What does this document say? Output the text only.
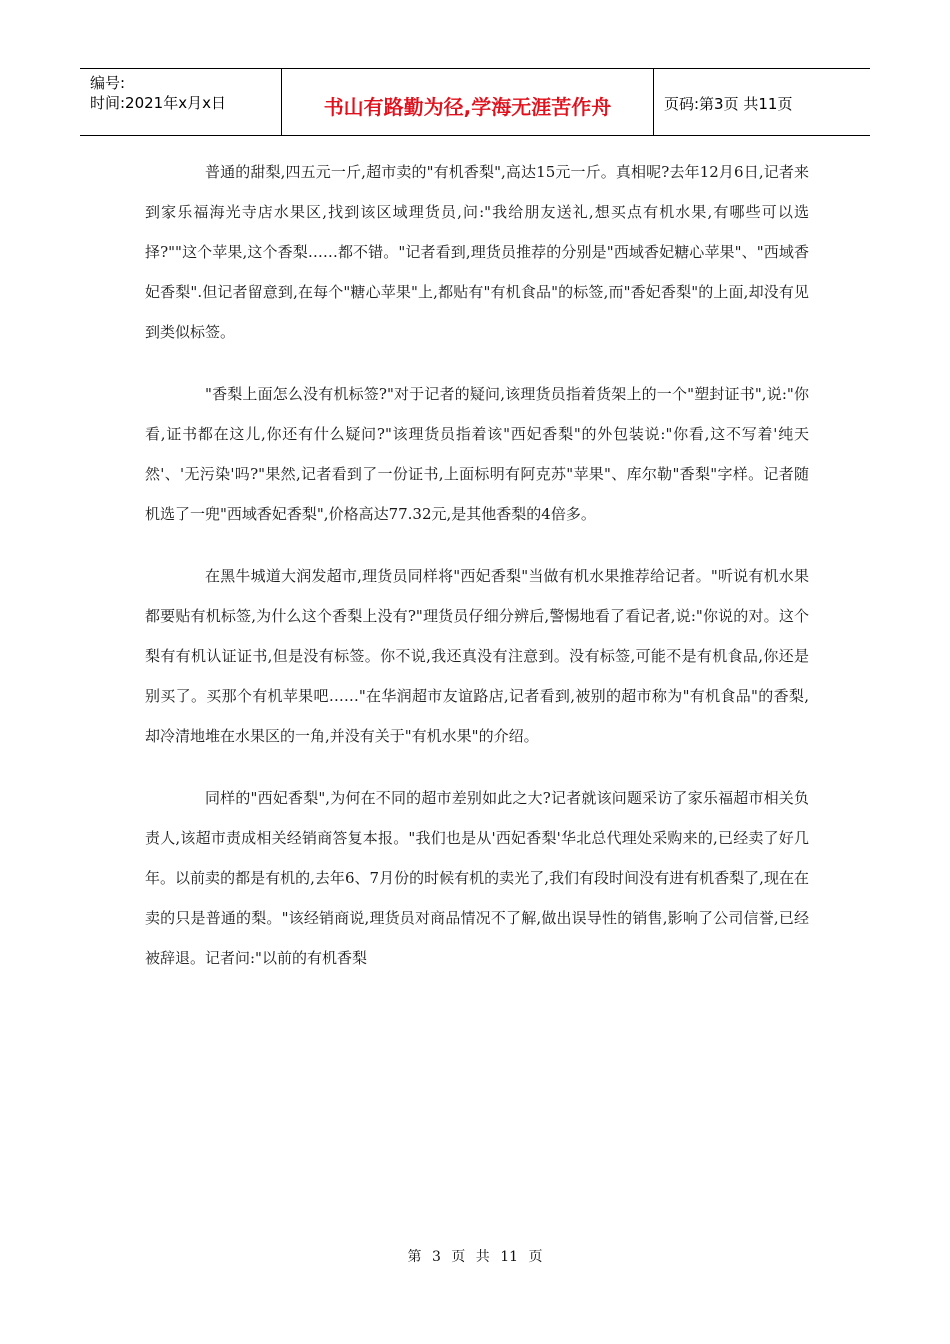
编号:
时间:2021年x月x日	书山有路勤为径,学海无涯苦作舟	页码:第3页 共11页

普通的甜梨,四五元一斤,超市卖的"有机香梨",高达15元一斤。真相呢?去年12月6日,记者来到家乐福海光寺店水果区,找到该区域理货员,问:"我给朋友送礼,想买点有机水果,有哪些可以选择?""这个苹果,这个香梨……都不错。"记者看到,理货员推荐的分别是"西域香妃糖心苹果"、"西域香妃香梨".但记者留意到,在每个"糖心苹果"上,都贴有"有机食品"的标签,而"香妃香梨"的上面,却没有见到类似标签。

"香梨上面怎么没有机标签?"对于记者的疑问,该理货员指着货架上的一个"塑封证书",说:"你看,证书都在这儿,你还有什么疑问?"该理货员指着该"西妃香梨"的外包装说:"你看,这不写着'纯天然'、'无污染'吗?"果然,记者看到了一份证书,上面标明有阿克苏"苹果"、库尔勒"香梨"字样。记者随机选了一兜"西域香妃香梨",价格高达77.32元,是其他香梨的4倍多。

在黑牛城道大润发超市,理货员同样将"西妃香梨"当做有机水果推荐给记者。"听说有机水果都要贴有机标签,为什么这个香梨上没有?"理货员仔细分辨后,警惕地看了看记者,说:"你说的对。这个梨有有机认证证书,但是没有标签。你不说,我还真没有注意到。没有标签,可能不是有机食品,你还是别买了。买那个有机苹果吧……"在华润超市友谊路店,记者看到,被别的超市称为"有机食品"的香梨,却冷清地堆在水果区的一角,并没有关于"有机水果"的介绍。

同样的"西妃香梨",为何在不同的超市差别如此之大?记者就该问题采访了家乐福超市相关负责人,该超市责成相关经销商答复本报。"我们也是从'西妃香梨'华北总代理处采购来的,已经卖了好几年。以前卖的都是有机的,去年6、7月份的时候有机的卖光了,我们有段时间没有进有机香梨了,现在在卖的只是普通的梨。"该经销商说,理货员对商品情况不了解,做出误导性的销售,影响了公司信誉,已经被辞退。记者问:"以前的有机香梨

第 3 页 共 11 页
